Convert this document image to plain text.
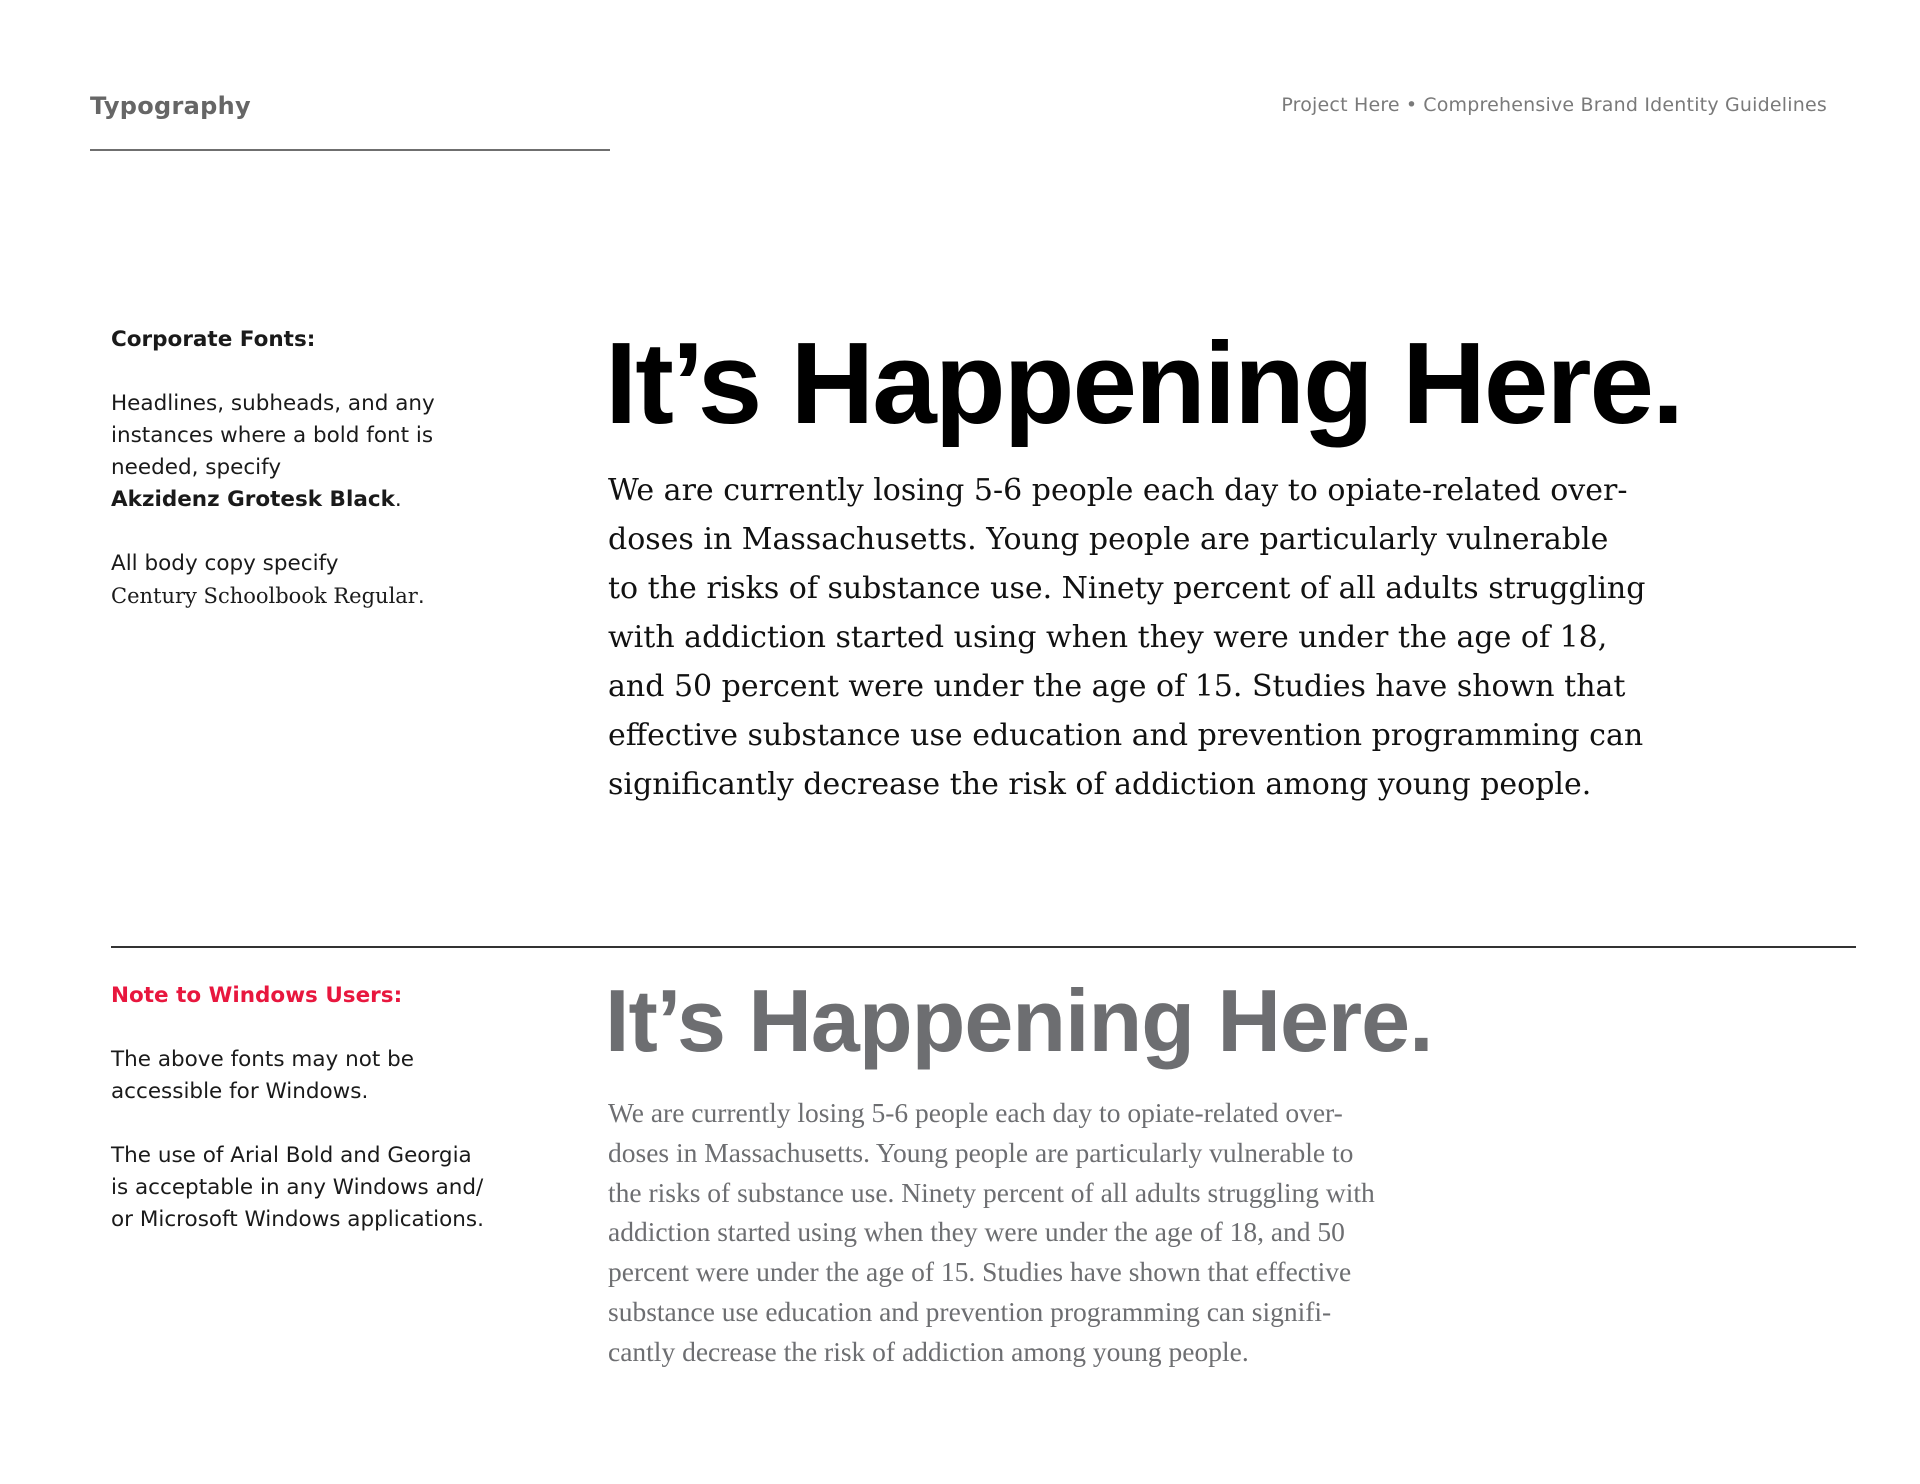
Typography	Project Here • Comprehensive Brand Identity Guidelines

Corporate Fonts:

Headlines, subheads, and any

instances where a bold font is

needed, specify

Akzidenz Grotesk Black.

All body copy specify

Century Schoolbook Regular.

It’s Happening Here.
We are currently losing 5-6 people each day to opiate-related over-
doses in Massachusetts. Young people are particularly vulnerable
to the risks of substance use. Ninety percent of all adults struggling
with addiction started using when they were under the age of 18,
and 50 percent were under the age of 15. Studies have shown that
effective substance use education and prevention programming can
significantly decrease the risk of addiction among young people.

Note to Windows Users:

The above fonts may not be

accessible for Windows.

The use of Arial Bold and Georgia

is acceptable in any Windows and/

or Microsoft Windows applications.

It’s Happening Here.
We are currently losing 5-6 people each day to opiate-related over-
doses in Massachusetts. Young people are particularly vulnerable to
the risks of substance use. Ninety percent of all adults struggling with
addiction started using when they were under the age of 18, and 50
percent were under the age of 15. Studies have shown that effective
substance use education and prevention programming can signifi-
cantly decrease the risk of addiction among young people.
